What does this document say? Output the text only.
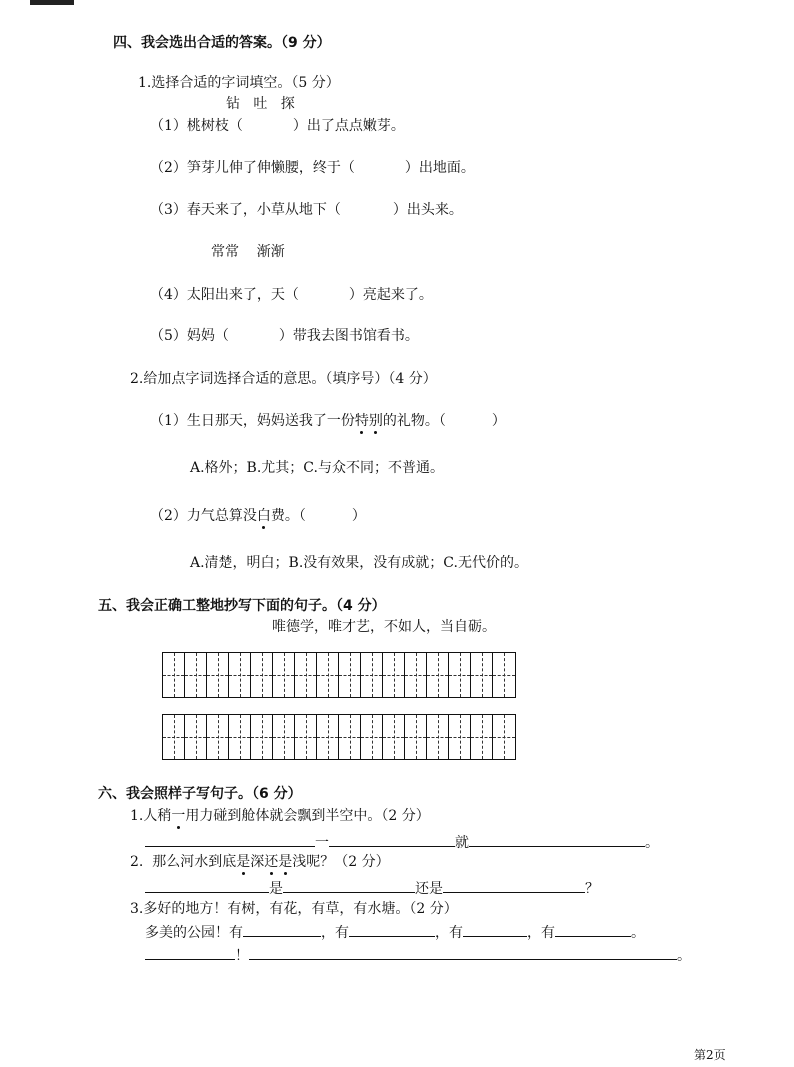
四、我会选出合适的答案。（9 分）
1.选择合适的字词填空。（5 分）
钻   吐   探
（1）桃树枝（	）出了点点嫩芽。
（2）笋芽儿伸了伸懒腰，终于（	）出地面。
（3）春天来了，小草从地下（	）出头来。
常常    渐渐
（4）太阳出来了，天（	）亮起来了。
（5）妈妈（	）带我去图书馆看书。
2.给加点字词选择合适的意思。（填序号）（4 分）
（1）生日那天，妈妈送我了一份特别的礼物。（	）
A.格外；B.尤其；C.与众不同；不普通。
（2）力气总算没白费。（	）
A.清楚，明白；B.没有效果，没有成就；C.无代价的。
五、我会正确工整地抄写下面的句子。（4 分）
唯德学，唯才艺，不如人，当自砺。
六、我会照样子写句子。（6 分）
1.人稍一用力碰到舱体就会飘到半空中。（2 分）
一	就	。
2.  那么河水到底是深还是浅呢？（2 分）
是	还是	？
3.多好的地方！有树，有花，有草，有水塘。（2 分）
多美的公园！有	，有	，有	，有	。
！	。
第2页
